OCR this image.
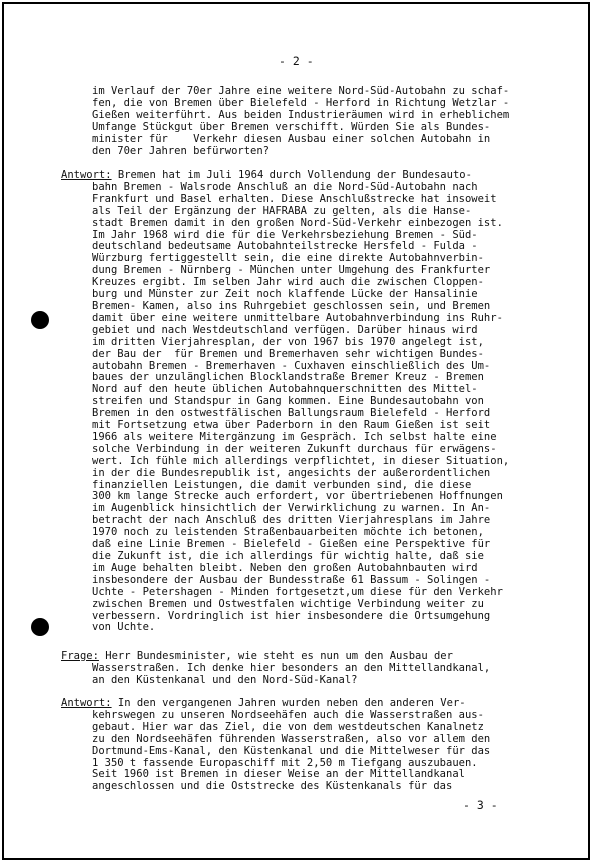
- 2 -
im Verlauf der 70er Jahre eine weitere Nord-Süd-Autobahn zu schaf-
fen, die von Bremen über Bielefeld - Herford in Richtung Wetzlar -
Gießen weiterführt. Aus beiden Industrieräumen wird in erheblichem
Umfange Stückgut über Bremen verschifft. Würden Sie als Bundes-
minister für    Verkehr diesen Ausbau einer solchen Autobahn in
den 70er Jahren befürworten?
Antwort: Bremen hat im Juli 1964 durch Vollendung der Bundesauto-
bahn Bremen - Walsrode Anschluß an die Nord-Süd-Autobahn nach
Frankfurt und Basel erhalten. Diese Anschlußstrecke hat insoweit
als Teil der Ergänzung der HAFRABA zu gelten, als die Hanse-
stadt Bremen damit in den großen Nord-Süd-Verkehr einbezogen ist.
Im Jahr 1968 wird die für die Verkehrsbeziehung Bremen - Süd-
deutschland bedeutsame Autobahnteilstrecke Hersfeld - Fulda -
Würzburg fertiggestellt sein, die eine direkte Autobahnverbin-
dung Bremen - Nürnberg - München unter Umgehung des Frankfurter
Kreuzes ergibt. Im selben Jahr wird auch die zwischen Cloppen-
burg und Münster zur Zeit noch klaffende Lücke der Hansalinie
Bremen- Kamen, also ins Ruhrgebiet geschlossen sein, und Bremen
damit über eine weitere unmittelbare Autobahnverbindung ins Ruhr-
gebiet und nach Westdeutschland verfügen. Darüber hinaus wird
im dritten Vierjahresplan, der von 1967 bis 1970 angelegt ist,
der Bau der  für Bremen und Bremerhaven sehr wichtigen Bundes-
autobahn Bremen - Bremerhaven - Cuxhaven einschließlich des Um-
baues der unzulänglichen Blocklandstraße Bremer Kreuz - Bremen
Nord auf den heute üblichen Autobahnquerschnitten des Mittel-
streifen und Standspur in Gang kommen. Eine Bundesautobahn von
Bremen in den ostwestfälischen Ballungsraum Bielefeld - Herford
mit Fortsetzung etwa über Paderborn in den Raum Gießen ist seit
1966 als weitere Mitergänzung im Gespräch. Ich selbst halte eine
solche Verbindung in der weiteren Zukunft durchaus für erwägens-
wert. Ich fühle mich allerdings verpflichtet, in dieser Situation,
in der die Bundesrepublik ist, angesichts der außerordentlichen
finanziellen Leistungen, die damit verbunden sind, die diese
300 km lange Strecke auch erfordert, vor übertriebenen Hoffnungen
im Augenblick hinsichtlich der Verwirklichung zu warnen. In An-
betracht der nach Anschluß des dritten Vierjahresplans im Jahre
1970 noch zu leistenden Straßenbauarbeiten möchte ich betonen,
daß eine Linie Bremen - Bielefeld - Gießen eine Perspektive für
die Zukunft ist, die ich allerdings für wichtig halte, daß sie
im Auge behalten bleibt. Neben den großen Autobahnbauten wird
insbesondere der Ausbau der Bundesstraße 61 Bassum - Solingen -
Uchte - Petershagen - Minden fortgesetzt,um diese für den Verkehr
zwischen Bremen und Ostwestfalen wichtige Verbindung weiter zu
verbessern. Vordringlich ist hier insbesondere die Ortsumgehung
von Uchte.
Frage: Herr Bundesminister, wie steht es nun um den Ausbau der
Wasserstraßen. Ich denke hier besonders an den Mittellandkanal,
an den Küstenkanal und den Nord-Süd-Kanal?
Antwort: In den vergangenen Jahren wurden neben den anderen Ver-
kehrswegen zu unseren Nordseehäfen auch die Wasserstraßen aus-
gebaut. Hier war das Ziel, die von dem westdeutschen Kanalnetz
zu den Nordseehäfen führenden Wasserstraßen, also vor allem den
Dortmund-Ems-Kanal, den Küstenkanal und die Mittelweser für das
1 350 t fassende Europaschiff mit 2,50 m Tiefgang auszubauen.
Seit 1960 ist Bremen in dieser Weise an der Mittellandkanal
angeschlossen und die Oststrecke des Küstenkanals für das
- 3 -
